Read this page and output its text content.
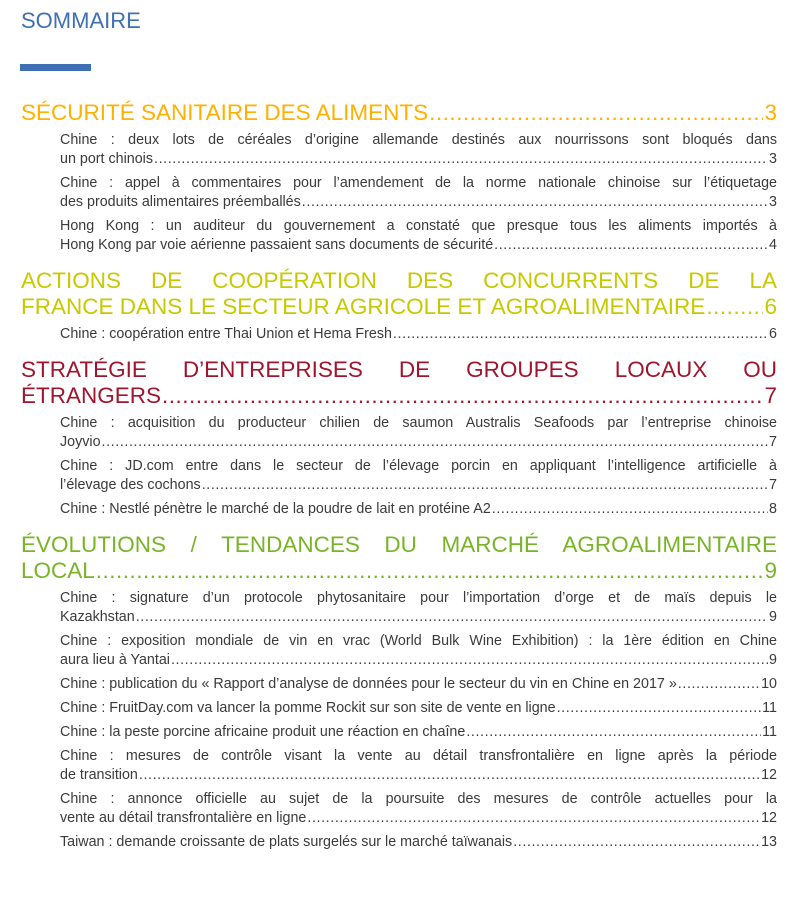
SOMMAIRE
SÉCURITÉ SANITAIRE DES ALIMENTS .....	3
Chine : deux lots de céréales d’origine allemande destinés aux nourrissons sont bloqués dans
un port chinois .....	3
Chine : appel à commentaires pour l’amendement de la norme nationale chinoise sur l’étiquetage
des produits alimentaires préemballés .....	3
Hong Kong : un auditeur du gouvernement a constaté que presque tous les aliments importés à
Hong Kong par voie aérienne passaient sans documents de sécurité .....	4
ACTIONS DE COOPÉRATION DES CONCURRENTS DE LA
FRANCE DANS LE SECTEUR AGRICOLE ET AGROALIMENTAIRE .....	6
Chine : coopération entre Thai Union et Hema Fresh .....	6
STRATÉGIE D’ENTREPRISES DE GROUPES LOCAUX OU
ÉTRANGERS .....	7
Chine : acquisition du producteur chilien de saumon Australis Seafoods par l’entreprise chinoise
Joyvio .....	7
Chine : JD.com entre dans le secteur de l’élevage porcin en appliquant l’intelligence artificielle à
l’élevage des cochons .....	7
Chine : Nestlé pénètre le marché de la poudre de lait en protéine A2 .....	8
ÉVOLUTIONS / TENDANCES DU MARCHÉ AGROALIMENTAIRE
LOCAL .....	9
Chine : signature d’un protocole phytosanitaire pour l’importation d’orge et de maïs depuis le
Kazakhstan .....	9
Chine : exposition mondiale de vin en vrac (World Bulk Wine Exhibition) : la 1ère édition en Chine
aura lieu à Yantai .....	9
Chine : publication du « Rapport d’analyse de données pour le secteur du vin en Chine en 2017 » .....	10
Chine : FruitDay.com va lancer la pomme Rockit sur son site de vente en ligne .....	11
Chine : la peste porcine africaine produit une réaction en chaîne .....	11
Chine : mesures de contrôle visant la vente au détail transfrontalière en ligne après la période
de transition .....	12
Chine : annonce officielle au sujet de la poursuite des mesures de contrôle actuelles pour la
vente au détail transfrontalière en ligne .....	12
Taiwan : demande croissante de plats surgelés sur le marché taïwanais .....	13
